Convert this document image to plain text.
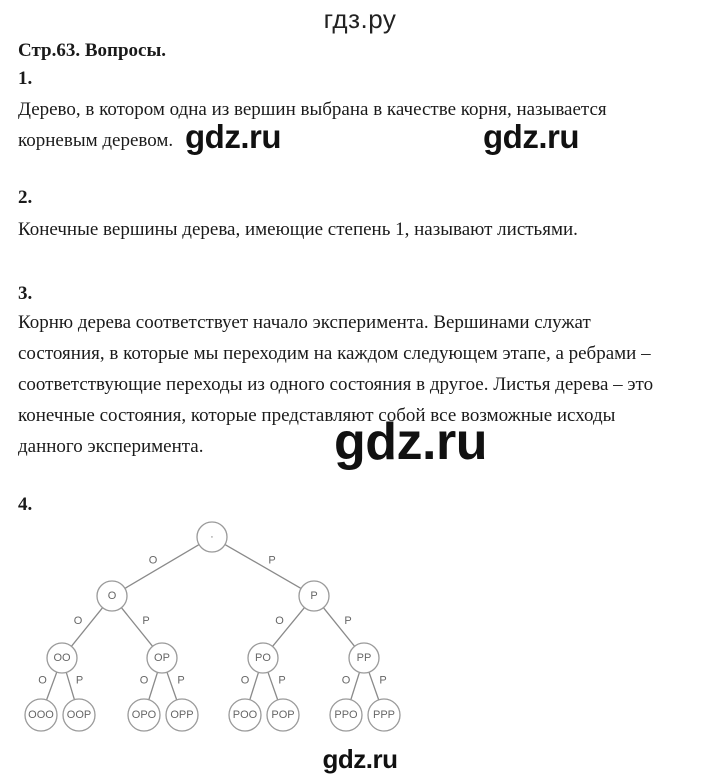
гдз.ру
Стр.63. Вопросы.
1.
Дерево, в котором одна из вершин выбрана в качестве корня, называется
корневым деревом. gdz.ru	gdz.ru
2.
Конечные вершины дерева, имеющие степень 1, называют листьями.
3.
Корню дерева соответствует начало эксперимента. Вершинами служат
состояния, в которые мы переходим на каждом следующем этапе, а ребрами –
соответствующие переходы из одного состояния в другое. Листья дерева – это
конечные состояния, которые представляют собой все возможные исходы
данного эксперимента.	gdz.ru
4.
O	P
O	P	O	P
O	P	O	P	O	P	O	P
·
O	P
OO	OP	PO	PP
OOO OOP	OPO OPP	POO POP	PPO PPP
gdz.ru
